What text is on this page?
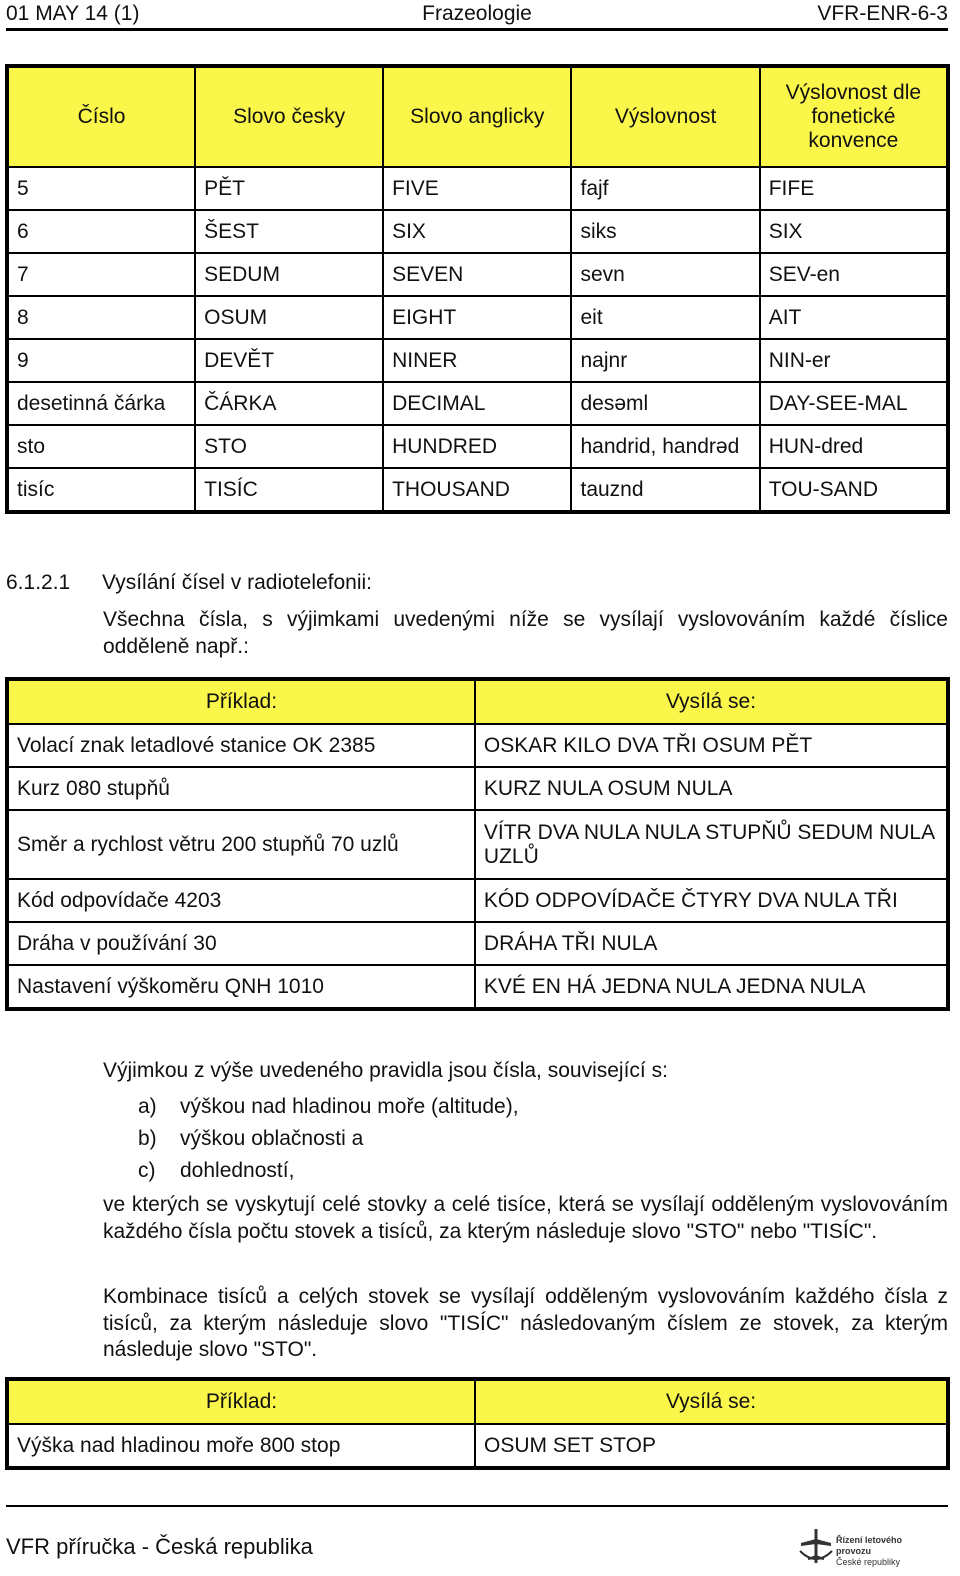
01 MAY 14 (1)	Frazeologie	VFR-ENR-6-3
Číslo	Slovo česky	Slovo anglicky	Výslovnost	Výslovnost dle fonetické konvence
5	PĚT	FIVE	fajf	FIFE
6	ŠEST	SIX	siks	SIX
7	SEDUM	SEVEN	sevn	SEV-en
8	OSUM	EIGHT	eit	AIT
9	DEVĚT	NINER	najnr	NIN-er
desetinná čárka	ČÁRKA	DECIMAL	desəml	DAY-SEE-MAL
sto	STO	HUNDRED	handrid, handrəd	HUN-dred
tisíc	TISÍC	THOUSAND	tauznd	TOU-SAND
6.1.2.1 Vysílání čísel v radiotelefonii:
Všechna čísla, s výjimkami uvedenými níže se vysílají vyslovováním každé číslice odděleně např.:
Příklad:	Vysílá se:
Volací znak letadlové stanice OK 2385	OSKAR KILO DVA TŘI OSUM PĚT
Kurz 080 stupňů	KURZ NULA OSUM NULA
Směr a rychlost větru 200 stupňů 70 uzlů	VÍTR DVA NULA NULA STUPŇŮ SEDUM NULA UZLŮ
Kód odpovídače 4203	KÓD ODPOVÍDAČE ČTYRY DVA NULA TŘI
Dráha v používání 30	DRÁHA TŘI NULA
Nastavení výškoměru QNH 1010	KVÉ EN HÁ JEDNA NULA JEDNA NULA
Výjimkou z výše uvedeného pravidla jsou čísla, související s:
a) výškou nad hladinou moře (altitude),
b) výškou oblačnosti a
c) dohledností,
ve kterých se vyskytují celé stovky a celé tisíce, která se vysílají odděleným vyslovováním každého čísla počtu stovek a tisíců, za kterým následuje slovo "STO" nebo "TISÍC".
Kombinace tisíců a celých stovek se vysílají odděleným vyslovováním každého čísla z tisíců, za kterým následuje slovo "TISÍC" následovaným číslem ze stovek, za kterým následuje slovo "STO".
Příklad:	Vysílá se:
Výška nad hladinou moře 800 stop	OSUM SET STOP
VFR příručka - Česká republika	Řízení letového provozu
České republiky
